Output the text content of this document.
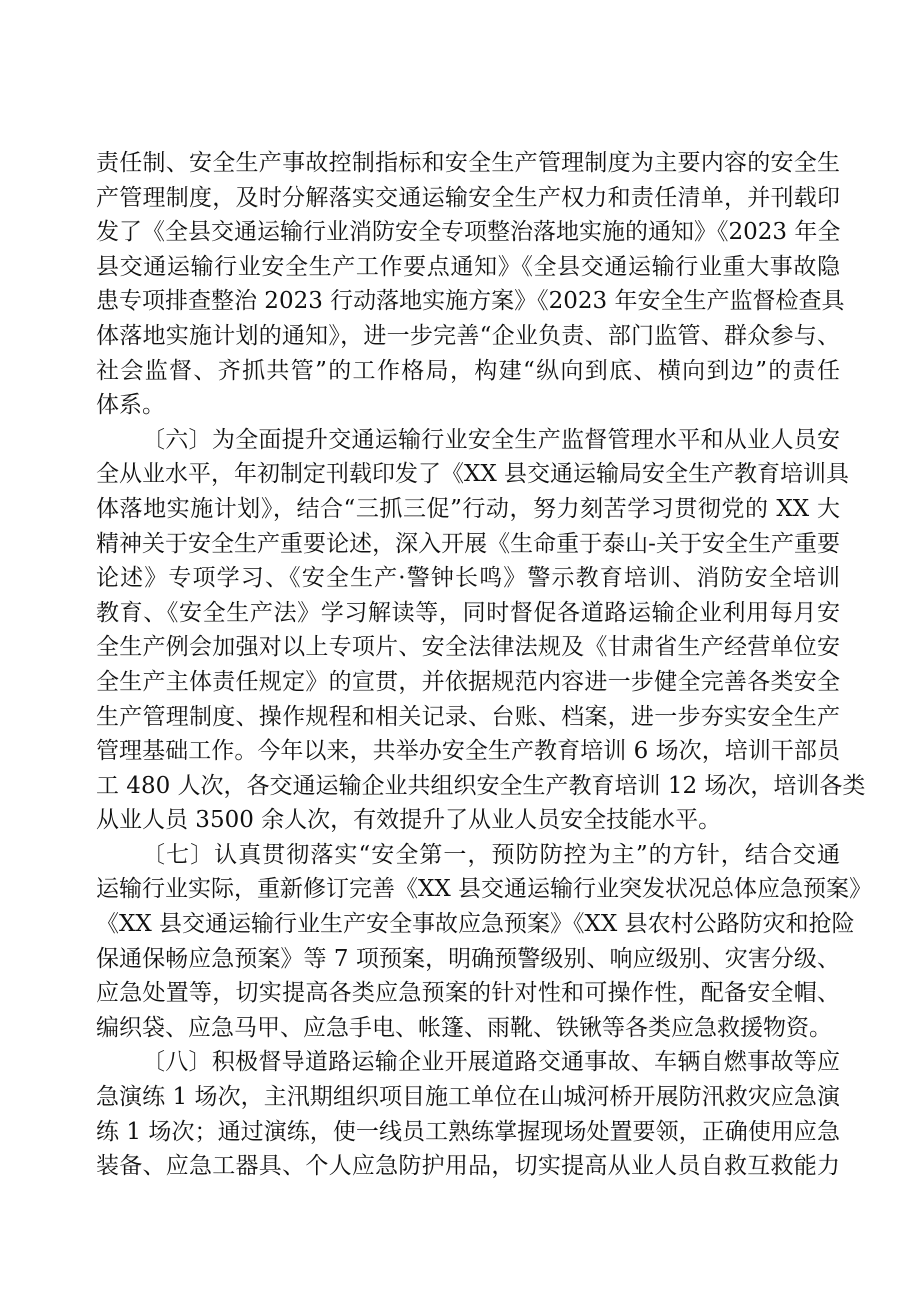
责任制、安全生产事故控制指标和安全生产管理制度为主要内容的安全生
产管理制度，及时分解落实交通运输安全生产权力和责任清单，并刊载印
发了《全县交通运输行业消防安全专项整治落地实施的通知》《2023 年全
县交通运输行业安全生产工作要点通知》《全县交通运输行业重大事故隐
患专项排查整治 2023 行动落地实施方案》《2023 年安全生产监督检查具
体落地实施计划的通知》，进一步完善“企业负责、部门监管、群众参与、
社会监督、齐抓共管”的工作格局，构建“纵向到底、横向到边”的责任
体系。
〔六〕为全面提升交通运输行业安全生产监督管理水平和从业人员安
全从业水平，年初制定刊载印发了《XX 县交通运输局安全生产教育培训具
体落地实施计划》，结合“三抓三促”行动，努力刻苦学习贯彻党的 XX 大
精神关于安全生产重要论述，深入开展《生命重于泰山-关于安全生产重要
论述》专项学习、《安全生产·警钟长鸣》警示教育培训、消防安全培训
教育、《安全生产法》学习解读等，同时督促各道路运输企业利用每月安
全生产例会加强对以上专项片、安全法律法规及《甘肃省生产经营单位安
全生产主体责任规定》的宣贯，并依据规范内容进一步健全完善各类安全
生产管理制度、操作规程和相关记录、台账、档案，进一步夯实安全生产
管理基础工作。今年以来，共举办安全生产教育培训 6 场次，培训干部员
工 480 人次，各交通运输企业共组织安全生产教育培训 12 场次，培训各类
从业人员 3500 余人次，有效提升了从业人员安全技能水平。
〔七〕认真贯彻落实“安全第一，预防防控为主”的方针，结合交通
运输行业实际，重新修订完善《XX 县交通运输行业突发状况总体应急预案》
《XX 县交通运输行业生产安全事故应急预案》《XX 县农村公路防灾和抢险
保通保畅应急预案》等 7 项预案，明确预警级别、响应级别、灾害分级、
应急处置等，切实提高各类应急预案的针对性和可操作性，配备安全帽、
编织袋、应急马甲、应急手电、帐篷、雨靴、铁锹等各类应急救援物资。
〔八〕积极督导道路运输企业开展道路交通事故、车辆自燃事故等应
急演练 1 场次，主汛期组织项目施工单位在山城河桥开展防汛救灾应急演
练 1 场次；通过演练，使一线员工熟练掌握现场处置要领，正确使用应急
装备、应急工器具、个人应急防护用品，切实提高从业人员自救互救能力
